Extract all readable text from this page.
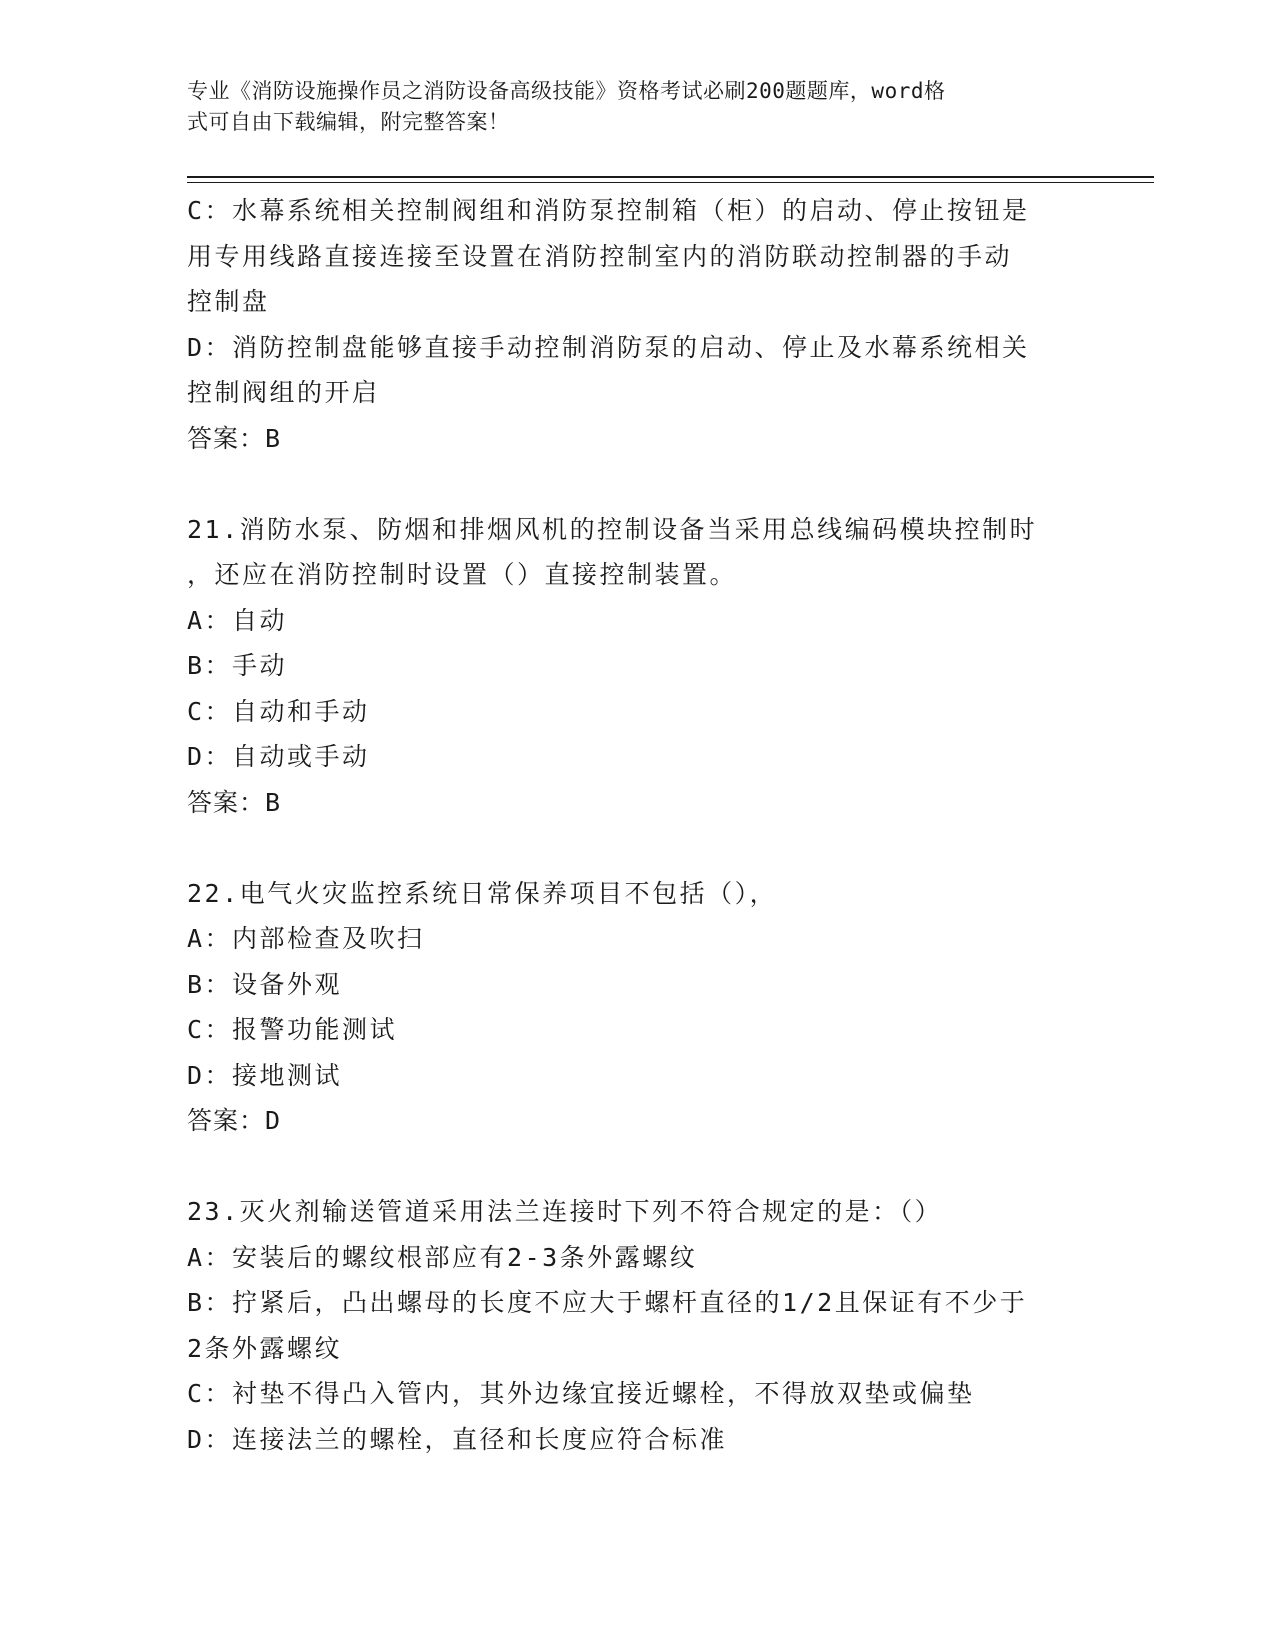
专业《消防设施操作员之消防设备高级技能》资格考试必刷200题题库，word格
式可自由下载编辑，附完整答案！
C：水幕系统相关控制阀组和消防泵控制箱（柜）的启动、停止按钮是
用专用线路直接连接至设置在消防控制室内的消防联动控制器的手动
控制盘
D：消防控制盘能够直接手动控制消防泵的启动、停止及水幕系统相关
控制阀组的开启
答案：B
21.消防水泵、防烟和排烟风机的控制设备当采用总线编码模块控制时
，还应在消防控制时设置（）直接控制装置。
A：自动
B：手动
C：自动和手动
D：自动或手动
答案：B
22.电气火灾监控系统日常保养项目不包括（），
A：内部检查及吹扫
B：设备外观
C：报警功能测试
D：接地测试
答案：D
23.灭火剂输送管道采用法兰连接时下列不符合规定的是：（）
A：安装后的螺纹根部应有2-3条外露螺纹
B：拧紧后，凸出螺母的长度不应大于螺杆直径的1/2且保证有不少于
2条外露螺纹
C：衬垫不得凸入管内，其外边缘宜接近螺栓，不得放双垫或偏垫
D：连接法兰的螺栓，直径和长度应符合标准
